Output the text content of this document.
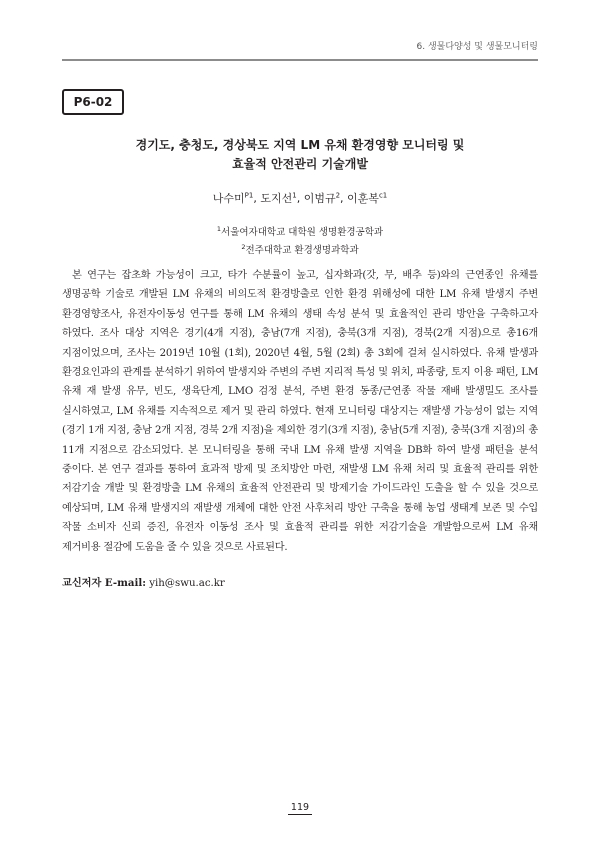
6. 생물다양성 및 생물모니터링
P6-02
경기도, 충청도, 경상북도 지역 LM 유채 환경영향 모니터링 및
효율적 안전관리 기술개발
나수미$^{P1}$, 도지선$^1$, 이범규$^2$, 이훈복$^{c1}$
$^1$서울여자대학교 대학원 생명환경공학과
$^2$전주대학교 환경생명과학과

본 연구는 잡초화 가능성이 크고, 타가 수분률이 높고, 십자화과(갓, 무, 배추 등)와의 근연종인 유채를 생명공학 기술로 개발된 LM 유채의 비의도적 환경방출로 인한 환경 위해성에 대한 LM 유채 발생지 주변 환경영향조사, 유전자이동성 연구를 통해 LM 유채의 생태 속성 분석 및 효율적인 관리 방안을 구축하고자 하였다. 조사 대상 지역은 경기(4개 지점), 충남(7개 지점), 충북(3개 지점), 경북(2개 지점)으로 총16개 지점이었으며, 조사는 2019년 10월 (1회), 2020년 4월, 5월 (2회) 총 3회에 걸쳐 실시하였다. 유채 발생과 환경요인과의 관계를 분석하기 위하여 발생지와 주변의 주변 지리적 특성 및 위치, 파종량, 토지 이용 패턴, LM 유채 재 발생 유무, 빈도, 생육단계, LMO 검정 분석, 주변 환경 동종/근연종 작물 재배 발생밀도 조사를 실시하였고, LM 유채를 지속적으로 제거 및 관리 하였다. 현재 모니터링 대상지는 재발생 가능성이 없는 지역(경기 1개 지점, 충남 2개 지점, 경북 2개 지점)을 제외한 경기(3개 지점), 충남(5개 지점), 충북(3개 지점)의 총 11개 지점으로 감소되었다. 본 모니터링을 통해 국내 LM 유채 발생 지역을 DB화 하여 발생 패턴을 분석 중이다. 본 연구 결과를 통하여 효과적 방제 및 조치방안 마련, 재발생 LM 유채 처리 및 효율적 관리를 위한 저감기술 개발 및 환경방출 LM 유채의 효율적 안전관리 및 방제기술 가이드라인 도출을 할 수 있을 것으로 예상되며, LM 유채 발생지의 재발생 개체에 대한 안전 사후처리 방안 구축을 통해 농업 생태계 보존 및 수입 작물 소비자 신뢰 증진, 유전자 이동성 조사 및 효율적 관리를 위한 저감기술을 개발함으로써 LM 유채 제거비용 절감에 도움을 줄 수 있을 것으로 사료된다.

교신저자 E-mail: yih@swu.ac.kr
119
